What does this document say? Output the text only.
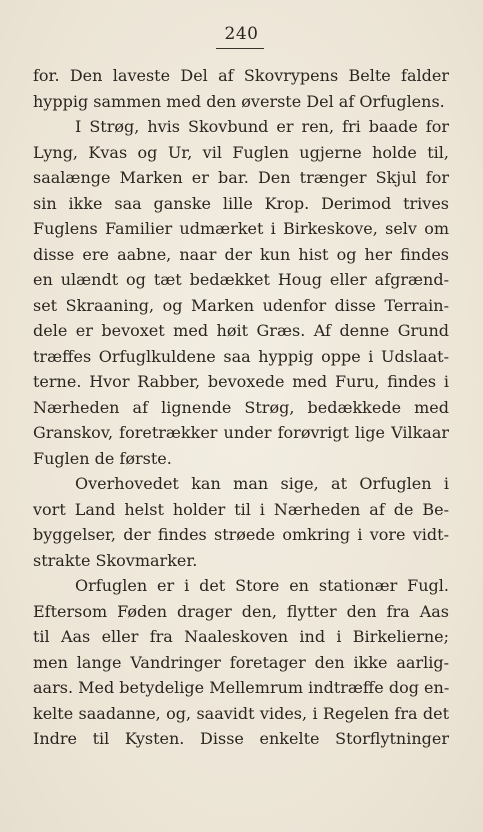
240
for. Den laveste Del af Skovrypens Belte falder
hyppig sammen med den øverste Del af Orfuglens.
I Strøg, hvis Skovbund er ren, fri baade for
Lyng, Kvas og Ur, vil Fuglen ugjerne holde til,
saalænge Marken er bar. Den trænger Skjul for
sin ikke saa ganske lille Krop. Derimod trives
Fuglens Familier udmærket i Birkeskove, selv om
disse ere aabne, naar der kun hist og her findes
en ulændt og tæt bedækket Houg eller afgrænd-
set Skraaning, og Marken udenfor disse Terrain-
dele er bevoxet med høit Græs. Af denne Grund
træffes Orfuglkuldene saa hyppig oppe i Udslaat-
terne. Hvor Rabber, bevoxede med Furu, findes i
Nærheden af lignende Strøg, bedækkede med
Granskov, foretrækker under forøvrigt lige Vilkaar
Fuglen de første.
Overhovedet kan man sige, at Orfuglen i
vort Land helst holder til i Nærheden af de Be-
byggelser, der findes strøede omkring i vore vidt-
strakte Skovmarker.
Orfuglen er i det Store en stationær Fugl.
Eftersom Føden drager den, flytter den fra Aas
til Aas eller fra Naaleskoven ind i Birkelierne;
men lange Vandringer foretager den ikke aarlig-
aars. Med betydelige Mellemrum indtræffe dog en-
kelte saadanne, og, saavidt vides, i Regelen fra det
Indre til Kysten. Disse enkelte Storflytninger
